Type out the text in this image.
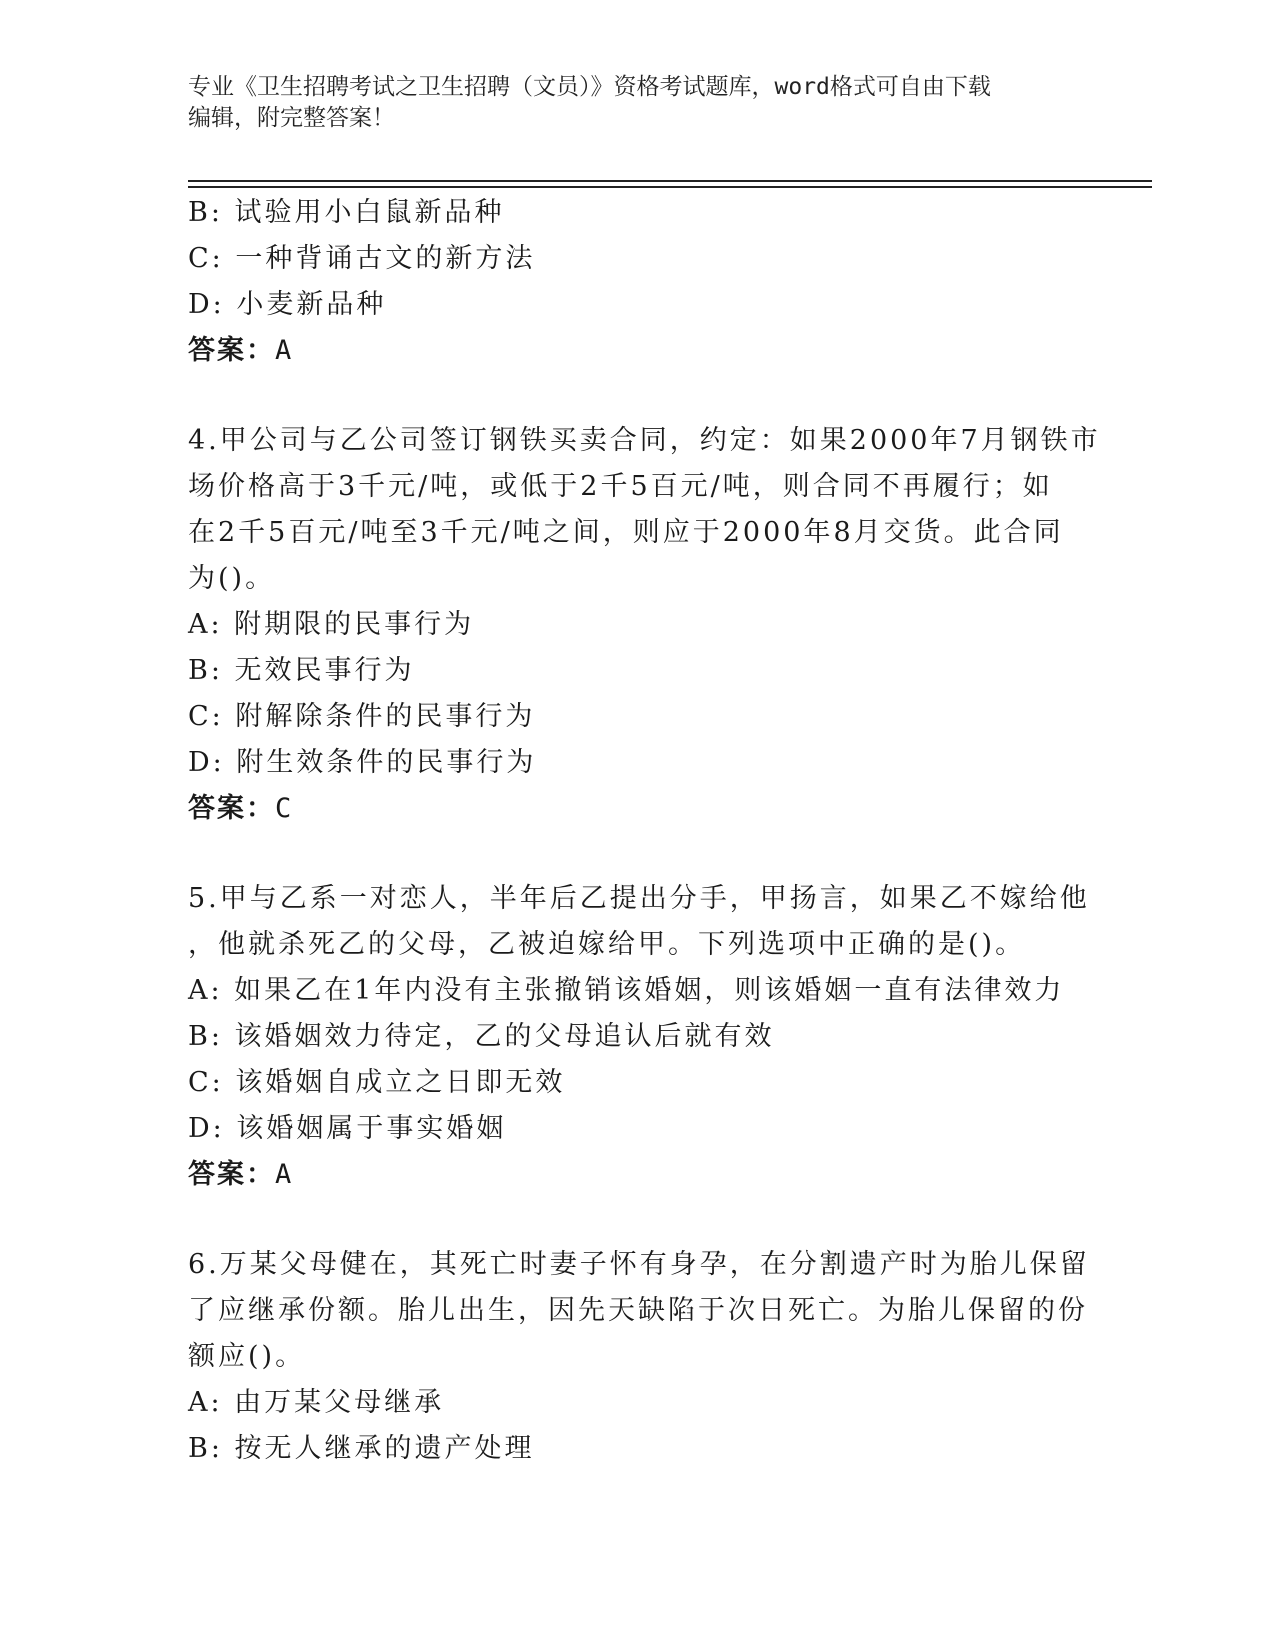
专业《卫生招聘考试之卫生招聘（文员）》资格考试题库，word格式可自由下载
编辑，附完整答案！
B: 试验用小白鼠新品种
C: 一种背诵古文的新方法
D: 小麦新品种
答案：A
4.甲公司与乙公司签订钢铁买卖合同，约定：如果2000年7月钢铁市
场价格高于3千元/吨，或低于2千5百元/吨，则合同不再履行；如
在2千5百元/吨至3千元/吨之间，则应于2000年8月交货。此合同
为()。
A: 附期限的民事行为
B: 无效民事行为
C: 附解除条件的民事行为
D: 附生效条件的民事行为
答案：C
5.甲与乙系一对恋人，半年后乙提出分手，甲扬言，如果乙不嫁给他
，他就杀死乙的父母，乙被迫嫁给甲。下列选项中正确的是()。
A: 如果乙在1年内没有主张撤销该婚姻，则该婚姻一直有法律效力
B: 该婚姻效力待定，乙的父母追认后就有效
C: 该婚姻自成立之日即无效
D: 该婚姻属于事实婚姻
答案：A
6.万某父母健在，其死亡时妻子怀有身孕，在分割遗产时为胎儿保留
了应继承份额。胎儿出生，因先天缺陷于次日死亡。为胎儿保留的份
额应()。
A: 由万某父母继承
B: 按无人继承的遗产处理
